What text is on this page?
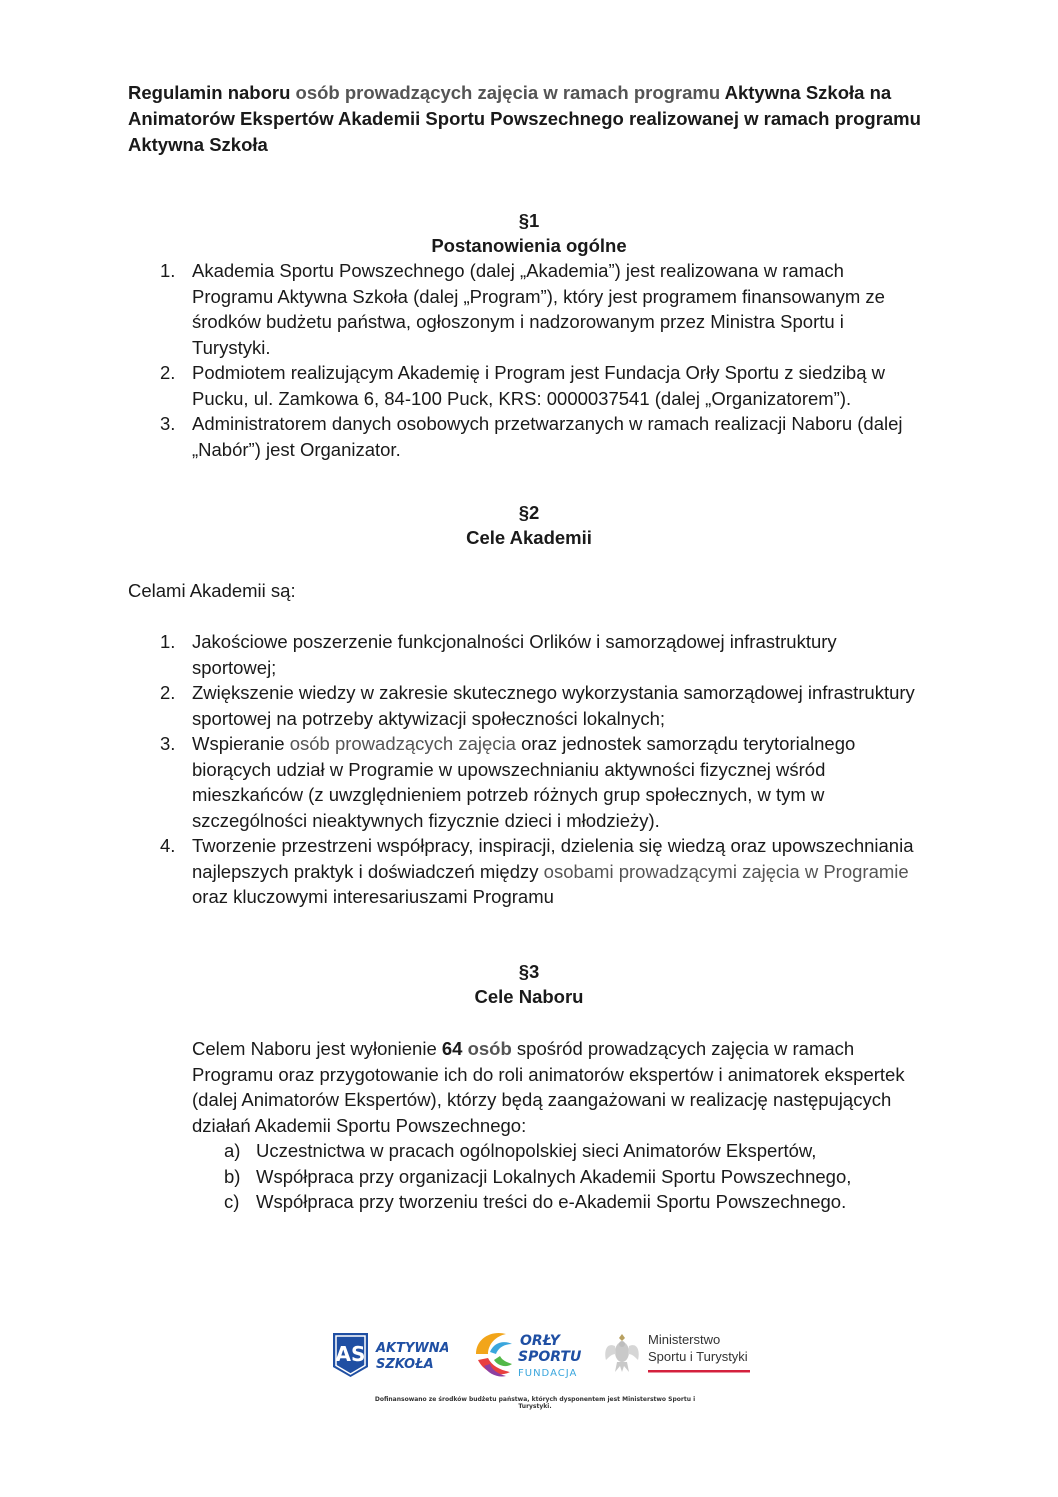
Regulamin naboru osób prowadzących zajęcia w ramach programu Aktywna Szkoła na Animatorów Ekspertów Akademii Sportu Powszechnego realizowanej w ramach programu Aktywna Szkoła
§1
Postanowienia ogólne
1. Akademia Sportu Powszechnego (dalej „Akademia”) jest realizowana w ramach Programu Aktywna Szkoła (dalej „Program”), który jest programem finansowanym ze środków budżetu państwa, ogłoszonym i nadzorowanym przez Ministra Sportu i Turystyki.
2. Podmiotem realizującym Akademię i Program jest Fundacja Orły Sportu z siedzibą w Pucku, ul. Zamkowa 6, 84-100 Puck, KRS: 0000037541 (dalej „Organizatorem”).
3. Administratorem danych osobowych przetwarzanych w ramach realizacji Naboru (dalej „Nabór”) jest Organizator.
§2
Cele Akademii
Celami Akademii są:
1. Jakościowe poszerzenie funkcjonalności Orlików i samorządowej infrastruktury sportowej;
2. Zwiększenie wiedzy w zakresie skutecznego wykorzystania samorządowej infrastruktury sportowej na potrzeby aktywizacji społeczności lokalnych;
3. Wspieranie osób prowadzących zajęcia oraz jednostek samorządu terytorialnego biorących udział w Programie w upowszechnianiu aktywności fizycznej wśród mieszkańców (z uwzględnieniem potrzeb różnych grup społecznych, w tym w szczególności nieaktywnych fizycznie dzieci i młodzieży).
4. Tworzenie przestrzeni współpracy, inspiracji, dzielenia się wiedzą oraz upowszechniania najlepszych praktyk i doświadczeń między osobami prowadzącymi zajęcia w Programie oraz kluczowymi interesariuszami Programu
§3
Cele Naboru
Celem Naboru jest wyłonienie 64 osób spośród prowadzących zajęcia w ramach Programu oraz przygotowanie ich do roli animatorów ekspertów i animatorek ekspertek (dalej Animatorów Ekspertów), którzy będą zaangażowani w realizację następujących działań Akademii Sportu Powszechnego:
a) Uczestnictwa w pracach ogólnopolskiej sieci Animatorów Ekspertów,
b) Współpraca przy organizacji Lokalnych Akademii Sportu Powszechnego,
c) Współpraca przy tworzeniu treści do e-Akademii Sportu Powszechnego.
AS AKTYWNA
SZKOŁA
ORŁY
SPORTU
FUNDACJA
Ministerstwo
Sportu i Turystyki
Dofinansowano ze środków budżetu państwa, których dysponentem jest Ministerstwo Sportu i Turystyki.
